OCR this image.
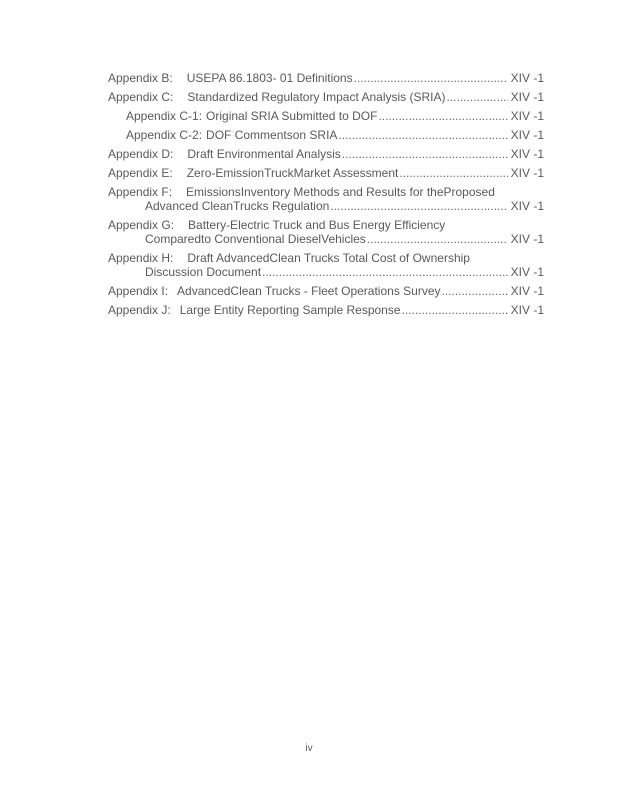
Appendix B: USEPA 86.1803- 01 Definitions .....	XIV -1
Appendix C: Standardized Regulatory Impact Analysis (SRIA) .....	XIV -1
Appendix C-1: Original SRIA Submitted to DOF .....	XIV -1
Appendix C-2: DOF Commentson SRIA .....	XIV -1
Appendix D: Draft Environmental Analysis .....	XIV -1
Appendix E: Zero-EmissionTruckMarket Assessment .....	XIV -1
Appendix F: EmissionsInventory Methods and Results for theProposed
Advanced CleanTrucks Regulation .....	XIV -1
Appendix G: Battery-Electric Truck and Bus Energy Efficiency
Comparedto Conventional DieselVehicles .....	XIV -1
Appendix H: Draft AdvancedClean Trucks Total Cost of Ownership
Discussion Document .....	XIV -1
Appendix I: AdvancedClean Trucks - Fleet Operations Survey .....	XIV -1
Appendix J: Large Entity Reporting Sample Response .....	XIV -1
iv
